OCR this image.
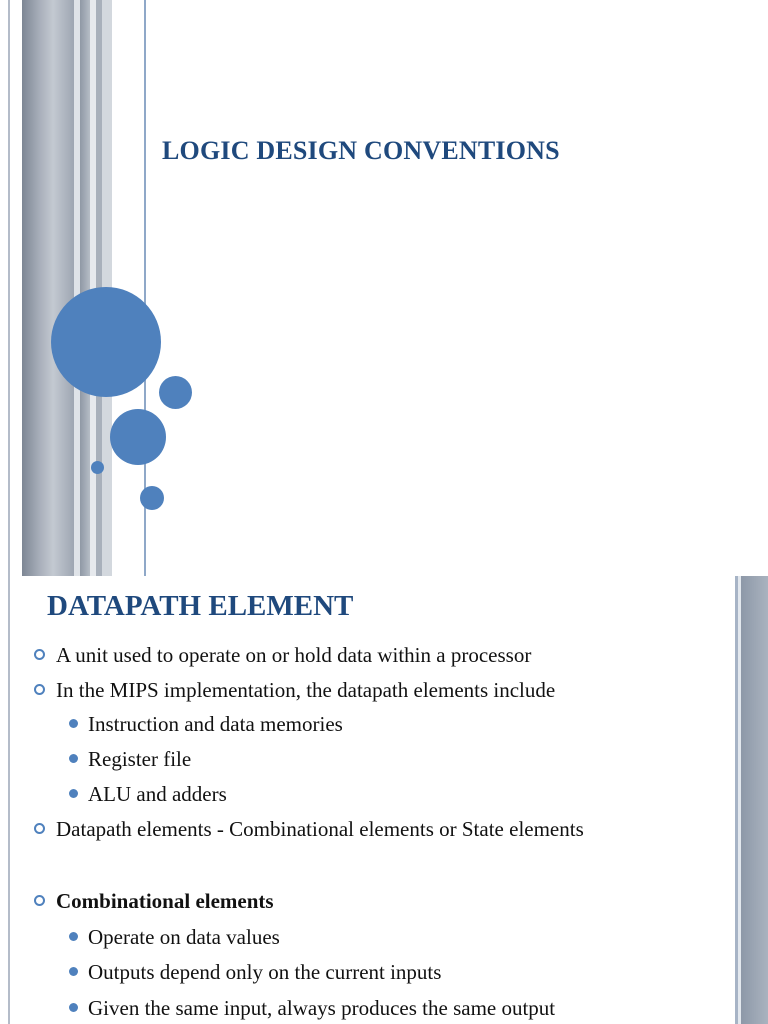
LOGIC DESIGN CONVENTIONS
DATAPATH ELEMENT
A unit used to operate on or hold data within a processor
In the MIPS implementation, the datapath elements include
Instruction and data memories
Register file
ALU and adders
Datapath elements - Combinational elements or State elements
Combinational elements
Operate on data values
Outputs depend only on the current inputs
Given the same input, always produces the same output
